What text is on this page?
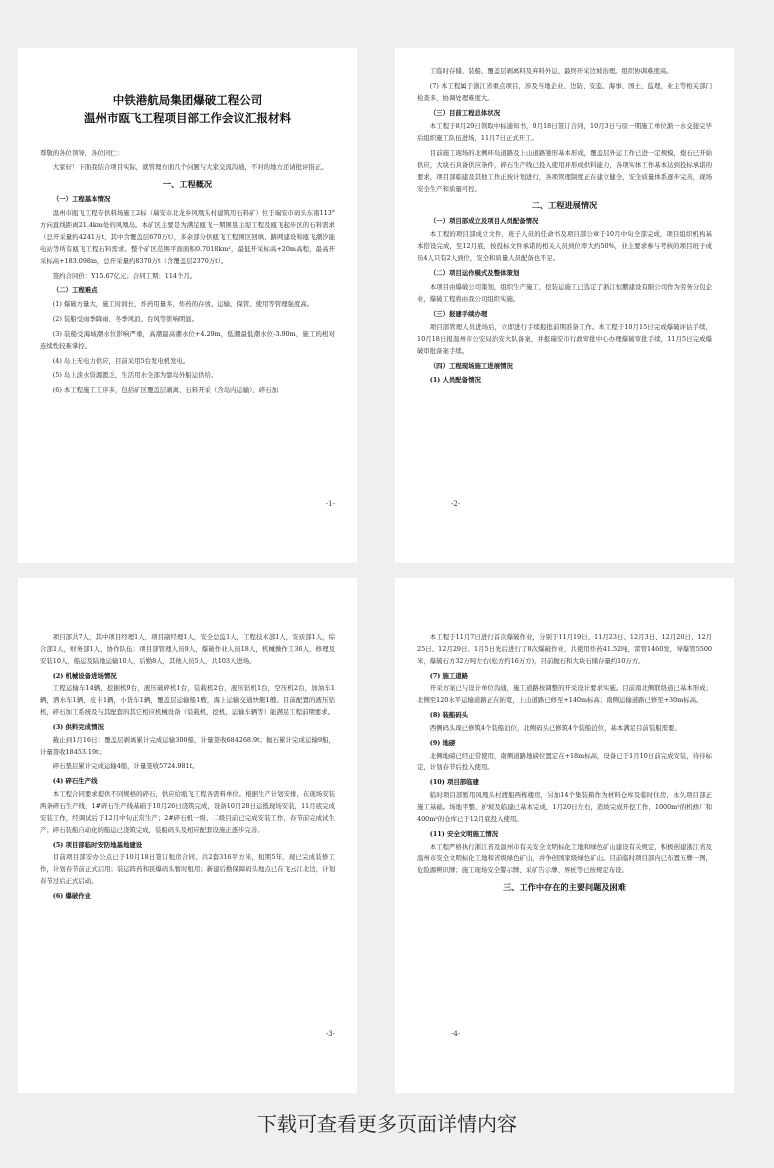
中铁港航局集团爆破工程公司
温州市瓯飞工程项目部工作会议汇报材料

尊敬的各位领导，各位同仁：

大家好！下面我结合项目实际，就管理方面几个问题与大家交流沟通，不对的地方还请批评指正。

一、工程概况
（一）工程基本情况

温州市瓯飞工程专供料场施工2标（瑞安市北龙乡风凰头村建筑用石料矿）位于瑞安市码头东南113°方向直线距离21.4km处的风凰岛。本矿区主要是为满足瓯飞一期围垦主堤工程及瓯飞起步区的石料需求（总开采量约4241万t，其中含覆盖层670万t），多余部分供瓯飞工程围区回填、路网建设和瓯飞潮汐能电站等所有瓯飞工程石料需求。整个矿区范围平面面积0.7018km²，最低开采标高+20m高程，最高开采标高+183.098m，总开采量约8370万t（含覆盖层2370万t）。

签约合同价：Y15.67亿元；合同工期：114个月。

（二）工程难点

(1) 爆破方量大，施工时间长，炸药用量多，炸药的存放、运输、保管、使用等管理强度高。

(2) 装船受雨季降雨、冬季风浪、台风等影响明显。

(3) 装船受海域潮水位影响严重，高潮最高潮水位+4.29m，低潮最低潮水位-3.90m，施工的相对连续性较难掌控。

(4) 岛上无电力供应，目前采用5台发电机发电。

(5) 岛上淡水资源匮乏，生活用水全部为靠岛外船运供给。

(6) 本工程施工工序多，包括矿区覆盖层剥离、石料开采（含岛内运输）、碎石加

-1-

工临时存储、装船、覆盖层剥离料及弃料外运、最终开采边坡治理。组织协调难度高。

(7) 本工程属于浙江省重点项目，涉及当地企业、边防、安监、海事、国土、监理、业主等相关部门检查多，协调处理难度大。

（三）目前工程总体状况

本工程于8月29日领取中标通知书，9月18日签订合同，10月3日与原一期施工单位渐一水交接完毕后组织施工队伍进场，11月7日正式开工。

目前施工现场的北侧环岛道路及上山道路雏形基本形成，覆盖层外运工作已进一定规模，炮石已开始供应，大块石具备供应条件，碎石生产线已投入使用并形成供料能力，各项实体工作基本达到投标承诺的要求，项目部临建及其他工作正按计划进行，各项管理制度正在建立健全，安全质量体系逐步完善，现场安全生产和质量可控。

二、工程进展情况
（一）项目部成立及项目人员配备情况

本工程的项目部成立文件，班子人员的任命书及项目部公章于10月中旬全部完成，项目组织机构基本搭设完成，至12月底，按投标文件承诺的相关人员到位率大约50%，业主要求参与考核的项目班子成员4人只有2人到位，安全和质量人员配备也不足。

（二）项目运作模式及整体策划

本项目由爆破公司策划，组织生产施工，挖装运施工已选定了浙江恒鹏建设有限公司作为劳务分包企业，爆破工程将由我公司组织实施。

（三）报建手续办理

项目部管理人员进场后，立即进行手续报批前期准备工作。本工程于10月15日完成爆破评估手续，10月18日报温州市公安局治安大队备案，并报瑞安市行政审批中心办理爆破审批手续，11月5日完成爆破审批备案手续。

（四）工程现场施工进展情况
(1) 人员配备情况
-2-

项目部共7人，其中项目经理1人，项目副经理1人，安全总监1人，工程技术部1人，安质部1人，综合部1人，财务部1人，协作队伍：项目部管理人员9人，爆破作业人员18人，机械操作工36人，修理及安装10人，船运及陆地运输10人，后勤8人，其他人员5人，共103人进场。

(2) 机械设备进场情况

工程运输车14辆，挖掘机9台，液压破碎机1台，装载机2台，液压钻机1台，空压机2台，加油车1辆，洒水车1辆，皮卡1辆，小货车1辆，覆盖层运输船1艘，海上运输交通快艇1艘。目前配置的液压钻机，碎石加工系统及与其配套的其它相应机械设备（装载机，挖机，运输车辆等）能满足工程前期要求。

(3) 供料完成情况

截止到1月16日：覆盖层剥离累计完成运输300船，计量签收684268.9t；抛石累计完成运输9船，计量签收18453.19t；

碎石垫层累计完成运输4船，计量签收5724.981t。

(4) 碎石生产线

本工程合同要求提供不同规格的碎石，供应给瓯飞工程各需料单位。根据生产计划安排，在现场安装两条碎石生产线，1#碎石生产线基础于10月26日浇筑完成，设备10月28日运抵现场安装，11月底完成安装工作，经调试后于12月中旬正常生产；2#碎石机一级、二级目前已完成安装工作，春节前完成试生产；碎石装船自动化的船运已浇筑完成，装船码头及相应配套设施正逐步完善。

(5) 项目部临时安防地基地建设

目前项目部安办公点已于10月18日签订租房合同，共2套316平方米，租期5年，现已完成装修工作，计划春节前正式启用；装运阵药和民爆码头暂时租用；新建后勤保障码头地点已在飞云江北边，计划春节过后正式启动。

(6) 爆破作业
-3-

本工程于11月7日进行首次爆破作业，分别于11月19日、11月23日、12月3日、12月20日、12月25日、12月29日、1月5日先后进行了8次爆破作业，共使用炸药41.52吨，雷管1460发，导爆管5500米，爆破石方32万吨左右(松方约16万方)，目前抛石和大块石储存量约10万方。

(7) 施工道路

开采方案已与设计单位沟通，施工道路按调整的开采设计要求实施。目前南北侧联络道已基本形成；北侧至120水平运输道路正在拓宽，上山道路已修至+140m标高；南侧运输道路已修至+30m标高。

(8) 装船码头

西侧码头现已修筑4个装船泊位，北侧码头已修筑4个装船泊位，基本满足目前装船需要。

(9) 地磅

北侧地磅已经正常使用，南侧道路地磅位置定在+18m标高，设备已于1月10日前完成安装，待待标定，计划春节后投入使用。

(10) 项目部临建

临时项目部暂用风凰头村渡船两栋楼房，另加14个集装箱作为材料仓库及临时住房，永久项目部正施工基础。场地平整、护坡及临建已基本完成，1月20日左右，造坡完成开挖工作，1000m²的机修厂和400m²的仓库已于12月底投入使用。

(11) 安全文明施工情况

本工程严格执行浙江省及温州市有关安全文明标化工地和绿色矿山建设有关规定，积极创建浙江省及温州市安全文明标化工地和省级绿色矿山，并争创国家级绿色矿山。目前临时项目部内已布置五牌一图，危险源辨识牌；施工现场安全警示牌、采矿告示牌、界桩等已按规定布设。

三、工作中存在的主要问题及困难
-4-
下载可查看更多页面详情内容
